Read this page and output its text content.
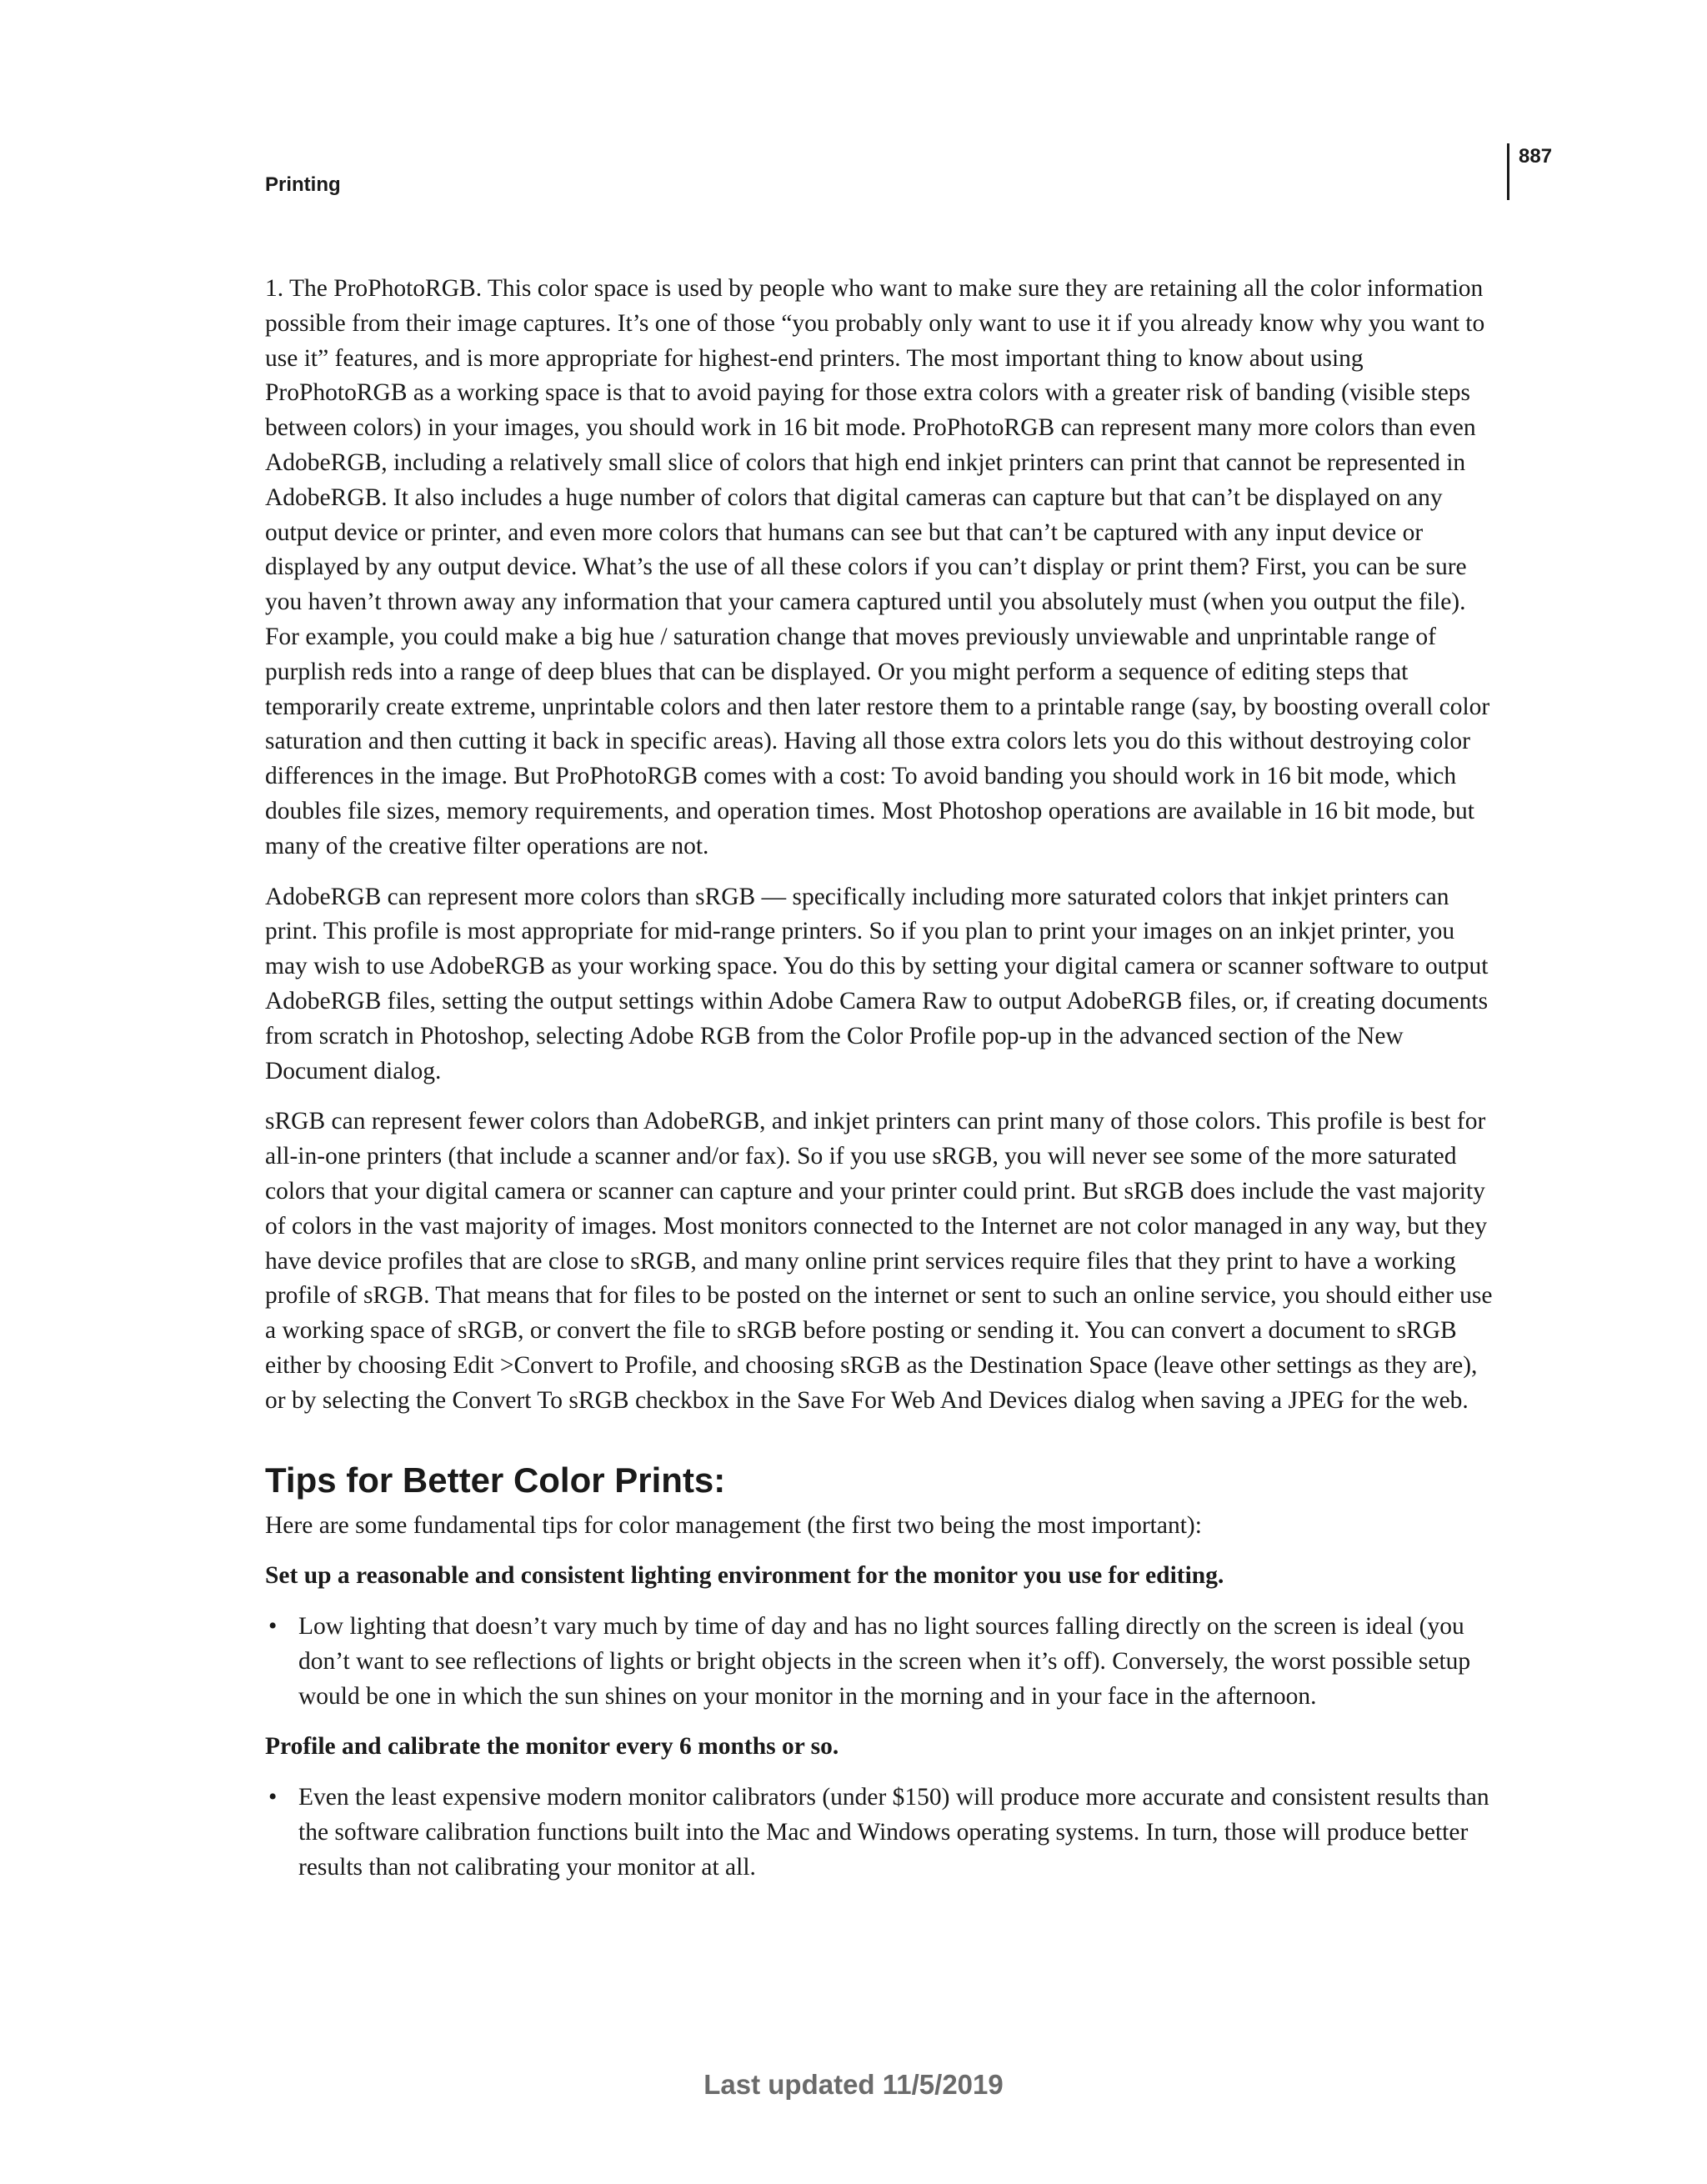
Printing
887

1. The ProPhotoRGB. This color space is used by people who want to make sure they are retaining all the color information possible from their image captures. It’s one of those “you probably only want to use it if you already know why you want to use it” features, and is more appropriate for highest-end printers. The most important thing to know about using ProPhotoRGB as a working space is that to avoid paying for those extra colors with a greater risk of banding (visible steps between colors) in your images, you should work in 16 bit mode. ProPhotoRGB can represent many more colors than even AdobeRGB, including a relatively small slice of colors that high end inkjet printers can print that cannot be represented in AdobeRGB. It also includes a huge number of colors that digital cameras can capture but that can’t be displayed on any output device or printer, and even more colors that humans can see but that can’t be captured with any input device or displayed by any output device. What’s the use of all these colors if you can’t display or print them? First, you can be sure you haven’t thrown away any information that your camera captured until you absolutely must (when you output the file). For example, you could make a big hue / saturation change that moves previously unviewable and unprintable range of purplish reds into a range of deep blues that can be displayed. Or you might perform a sequence of editing steps that temporarily create extreme, unprintable colors and then later restore them to a printable range (say, by boosting overall color saturation and then cutting it back in specific areas). Having all those extra colors lets you do this without destroying color differences in the image. But ProPhotoRGB comes with a cost: To avoid banding you should work in 16 bit mode, which doubles file sizes, memory requirements, and operation times. Most Photoshop operations are available in 16 bit mode, but many of the creative filter operations are not.

AdobeRGB can represent more colors than sRGB — specifically including more saturated colors that inkjet printers can print. This profile is most appropriate for mid-range printers. So if you plan to print your images on an inkjet printer, you may wish to use AdobeRGB as your working space. You do this by setting your digital camera or scanner software to output AdobeRGB files, setting the output settings within Adobe Camera Raw to output AdobeRGB files, or, if creating documents from scratch in Photoshop, selecting Adobe RGB from the Color Profile pop-up in the advanced section of the New Document dialog.

sRGB can represent fewer colors than AdobeRGB, and inkjet printers can print many of those colors. This profile is best for all-in-one printers (that include a scanner and/or fax). So if you use sRGB, you will never see some of the more saturated colors that your digital camera or scanner can capture and your printer could print. But sRGB does include the vast majority of colors in the vast majority of images. Most monitors connected to the Internet are not color managed in any way, but they have device profiles that are close to sRGB, and many online print services require files that they print to have a working profile of sRGB. That means that for files to be posted on the internet or sent to such an online service, you should either use a working space of sRGB, or convert the file to sRGB before posting or sending it. You can convert a document to sRGB either by choosing Edit >Convert to Profile, and choosing sRGB as the Destination Space (leave other settings as they are), or by selecting the Convert To sRGB checkbox in the Save For Web And Devices dialog when saving a JPEG for the web.

Tips for Better Color Prints:

Here are some fundamental tips for color management (the first two being the most important):

Set up a reasonable and consistent lighting environment for the monitor you use for editing.

• Low lighting that doesn’t vary much by time of day and has no light sources falling directly on the screen is ideal (you don’t want to see reflections of lights or bright objects in the screen when it’s off). Conversely, the worst possible setup would be one in which the sun shines on your monitor in the morning and in your face in the afternoon.

Profile and calibrate the monitor every 6 months or so.

• Even the least expensive modern monitor calibrators (under $150) will produce more accurate and consistent results than the software calibration functions built into the Mac and Windows operating systems. In turn, those will produce better results than not calibrating your monitor at all.
Last updated 11/5/2019
